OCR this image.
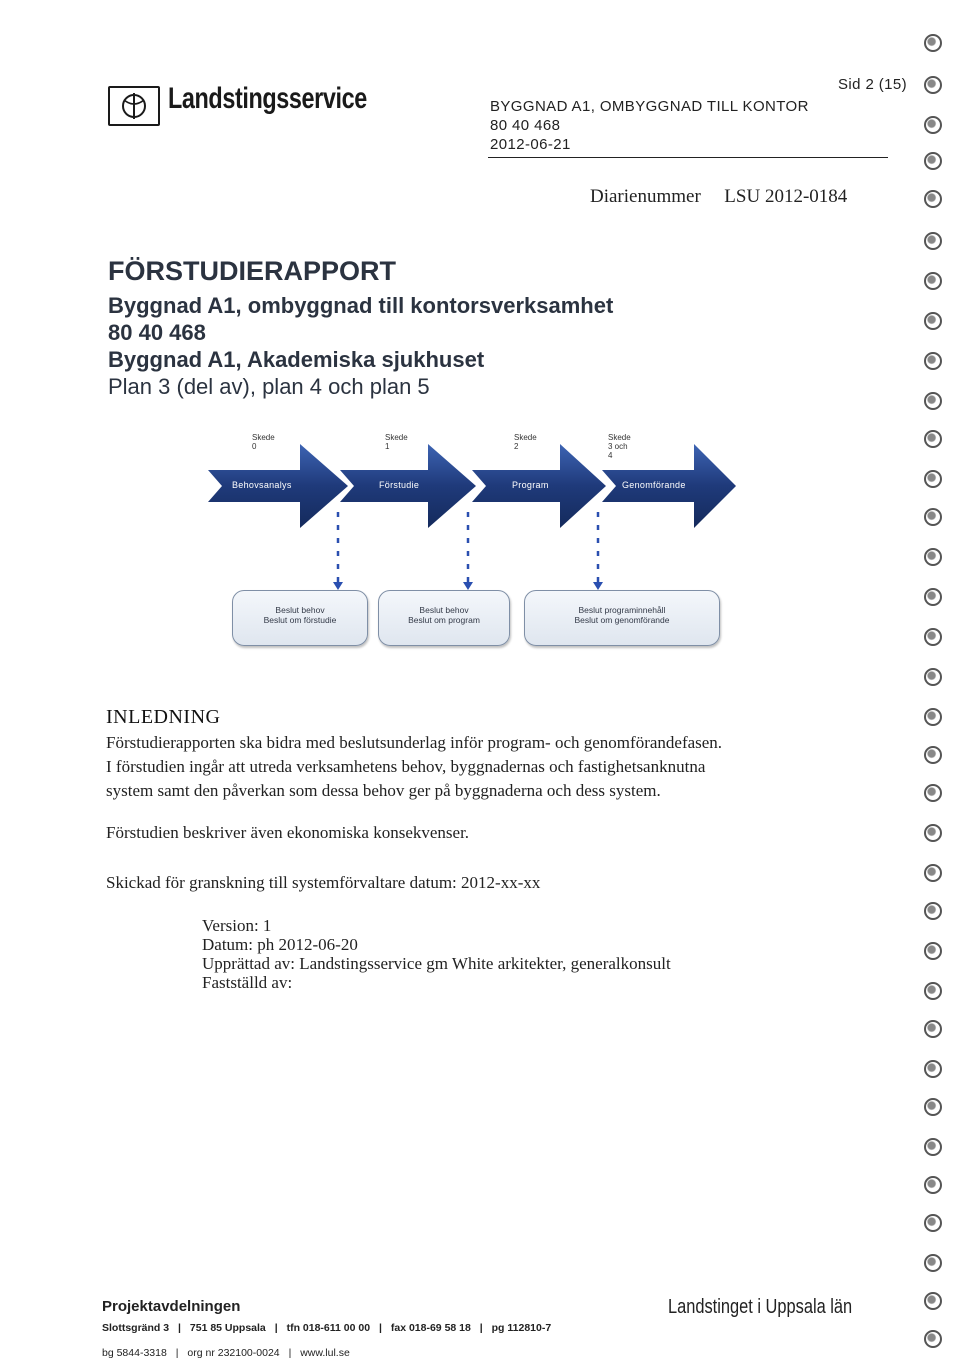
Landstingsservice	Sid 2 (15)
BYGGNAD A1, OMBYGGNAD TILL KONTOR
80 40 468
2012-06-21
Diarienummer LSU 2012-0184
FÖRSTUDIERAPPORT
Byggnad A1, ombyggnad till kontorsverksamhet
80 40 468
Byggnad A1, Akademiska sjukhuset
Plan 3 (del av), plan 4 och plan 5
Skede 0
Skede 1
Skede 2
Skede 3 och 4
Behovsanalys	Förstudie	Program	Genomförande
Beslut behov
Beslut om förstudie
Beslut behov
Beslut om program
Beslut programinnehåll
Beslut om genomförande
INLEDNING
Förstudierapporten ska bidra med beslutsunderlag inför program- och genomförandefasen.
I förstudien ingår att utreda verksamhetens behov, byggnadernas och fastighetsanknutna
system samt den påverkan som dessa behov ger på byggnaderna och dess system.
Förstudien beskriver även ekonomiska konsekvenser.
Skickad för granskning till systemförvaltare datum: 2012-xx-xx
Version: 1
Datum: ph 2012-06-20
Upprättad av: Landstingsservice gm White arkitekter, generalkonsult
Fastställd av:
Projektavdelningen	Landstinget i Uppsala län
Slottsgränd 3 | 751 85 Uppsala | tfn 018-611 00 00 | fax 018-69 58 18 | pg 112810-7
bg 5844-3318 | org nr 232100-0024 | www.lul.se
